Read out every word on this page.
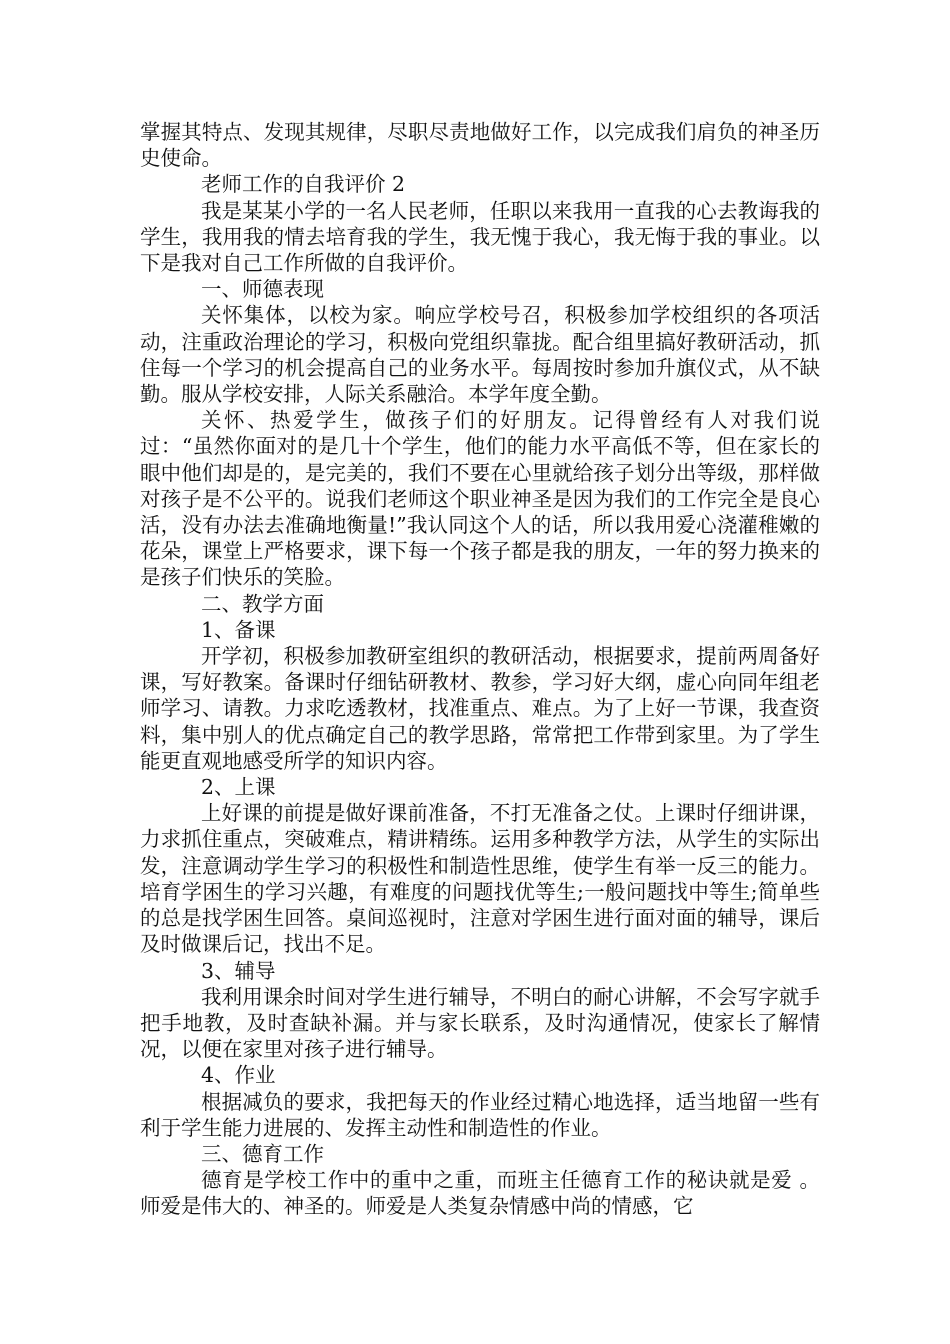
掌握其特点、发现其规律，尽职尽责地做好工作，以完成我们肩负的神圣历史使命。

老师工作的自我评价 2

我是某某小学的一名人民老师，任职以来我用一直我的心去教诲我的学生，我用我的情去培育我的学生，我无愧于我心，我无悔于我的事业。以下是我对自己工作所做的自我评价。

一、师德表现

关怀集体，以校为家。响应学校号召，积极参加学校组织的各项活动，注重政治理论的学习，积极向党组织靠拢。配合组里搞好教研活动，抓住每一个学习的机会提高自己的业务水平。每周按时参加升旗仪式，从不缺勤。服从学校安排，人际关系融洽。本学年度全勤。

关怀、热爱学生，做孩子们的好朋友。记得曾经有人对我们说过：“虽然你面对的是几十个学生，他们的能力水平高低不等，但在家长的眼中他们却是的，是完美的，我们不要在心里就给孩子划分出等级，那样做对孩子是不公平的。说我们老师这个职业神圣是因为我们的工作完全是良心活，没有办法去准确地衡量!”我认同这个人的话，所以我用爱心浇灌稚嫩的花朵，课堂上严格要求，课下每一个孩子都是我的朋友，一年的努力换来的是孩子们快乐的笑脸。

二、教学方面

1、备课

开学初，积极参加教研室组织的教研活动，根据要求，提前两周备好课，写好教案。备课时仔细钻研教材、教参，学习好大纲，虚心向同年组老师学习、请教。力求吃透教材，找准重点、难点。为了上好一节课，我查资料，集中别人的优点确定自己的教学思路，常常把工作带到家里。为了学生能更直观地感受所学的知识内容。

2、上课

上好课的前提是做好课前准备，不打无准备之仗。上课时仔细讲课，力求抓住重点，突破难点，精讲精练。运用多种教学方法，从学生的实际出发，注意调动学生学习的积极性和制造性思维，使学生有举一反三的能力。培育学困生的学习兴趣，有难度的问题找优等生;一般问题找中等生;简单些的总是找学困生回答。桌间巡视时，注意对学困生进行面对面的辅导，课后及时做课后记，找出不足。

3、辅导

我利用课余时间对学生进行辅导，不明白的耐心讲解，不会写字就手把手地教，及时查缺补漏。并与家长联系，及时沟通情况，使家长了解情况，以便在家里对孩子进行辅导。

4、作业

根据减负的要求，我把每天的作业经过精心地选择，适当地留一些有利于学生能力进展的、发挥主动性和制造性的作业。

三、德育工作

德育是学校工作中的重中之重，而班主任德育工作的秘诀就是爱 。师爱是伟大的、神圣的。师爱是人类复杂情感中尚的情感，它
